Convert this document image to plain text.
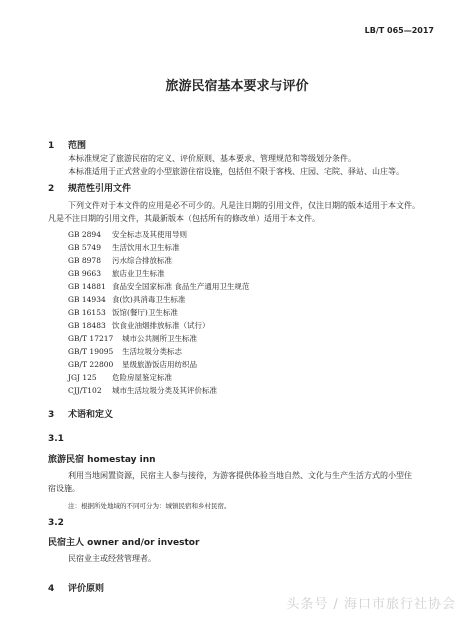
LB/T 065—2017
旅游民宿基本要求与评价
1 范围
本标准规定了旅游民宿的定义、评价原则、基本要求、管理规范和等级划分条件。
本标准适用于正式营业的小型旅游住宿设施，包括但不限于客栈、庄园、宅院、驿站、山庄等。
2 规范性引用文件
下列文件对于本文件的应用是必不可少的。凡是注日期的引用文件，仅注日期的版本适用于本文件。
凡是不注日期的引用文件，其最新版本（包括所有的修改单）适用于本文件。
GB 2894 安全标志及其使用导则
GB 5749 生活饮用水卫生标准
GB 8978 污水综合排放标准
GB 9663 旅店业卫生标准
GB 14881 食品安全国家标准 食品生产通用卫生规范
GB 14934 食(饮)具消毒卫生标准
GB 16153 饭馆(餐厅)卫生标准
GB 18483 饮食业油烟排放标准（试行）
GB/T 17217 城市公共厕所卫生标准
GB/T 19095 生活垃圾分类标志
GB/T 22800 星级旅游饭店用纺织品
JGJ 125 危险房屋鉴定标准
CJJ/T102 城市生活垃圾分类及其评价标准
3 术语和定义
3.1
旅游民宿 homestay inn
利用当地闲置资源，民宿主人参与接待，为游客提供体验当地自然、文化与生产生活方式的小型住
宿设施。
注：根据所处地域的不同可分为：城镇民宿和乡村民宿。
3.2
民宿主人 owner and/or investor
民宿业主或经营管理者。
4 评价原则
头条号 / 海口市旅行社协会
